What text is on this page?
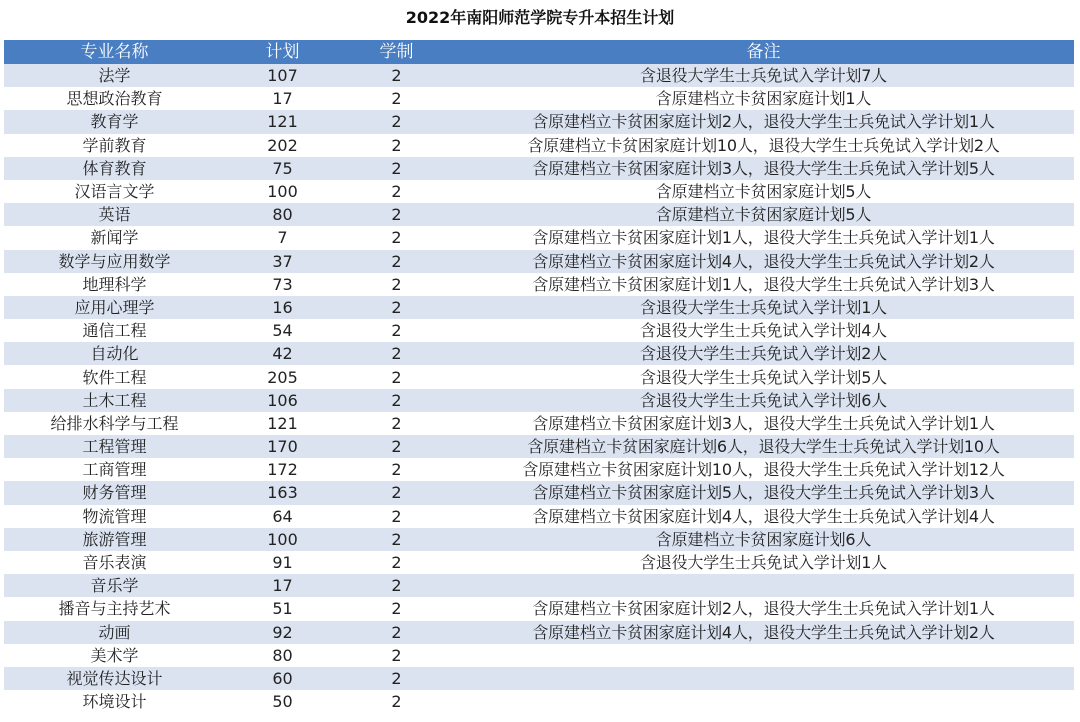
2022年南阳师范学院专升本招生计划
专业名称	计划	学制	备注
法学	107	2	含退役大学生士兵免试入学计划7人
思想政治教育	17	2	含原建档立卡贫困家庭计划1人
教育学	121	2	含原建档立卡贫困家庭计划2人，退役大学生士兵免试入学计划1人
学前教育	202	2	含原建档立卡贫困家庭计划10人，退役大学生士兵免试入学计划2人
体育教育	75	2	含原建档立卡贫困家庭计划3人，退役大学生士兵免试入学计划5人
汉语言文学	100	2	含原建档立卡贫困家庭计划5人
英语	80	2	含原建档立卡贫困家庭计划5人
新闻学	7	2	含原建档立卡贫困家庭计划1人，退役大学生士兵免试入学计划1人
数学与应用数学	37	2	含原建档立卡贫困家庭计划4人，退役大学生士兵免试入学计划2人
地理科学	73	2	含原建档立卡贫困家庭计划1人，退役大学生士兵免试入学计划3人
应用心理学	16	2	含退役大学生士兵免试入学计划1人
通信工程	54	2	含退役大学生士兵免试入学计划4人
自动化	42	2	含退役大学生士兵免试入学计划2人
软件工程	205	2	含退役大学生士兵免试入学计划5人
土木工程	106	2	含退役大学生士兵免试入学计划6人
给排水科学与工程	121	2	含原建档立卡贫困家庭计划3人，退役大学生士兵免试入学计划1人
工程管理	170	2	含原建档立卡贫困家庭计划6人，退役大学生士兵免试入学计划10人
工商管理	172	2	含原建档立卡贫困家庭计划10人，退役大学生士兵免试入学计划12人
财务管理	163	2	含原建档立卡贫困家庭计划5人，退役大学生士兵免试入学计划3人
物流管理	64	2	含原建档立卡贫困家庭计划4人，退役大学生士兵免试入学计划4人
旅游管理	100	2	含原建档立卡贫困家庭计划6人
音乐表演	91	2	含退役大学生士兵免试入学计划1人
音乐学	17	2	
播音与主持艺术	51	2	含原建档立卡贫困家庭计划2人，退役大学生士兵免试入学计划1人
动画	92	2	含原建档立卡贫困家庭计划4人，退役大学生士兵免试入学计划2人
美术学	80	2	
视觉传达设计	60	2	
环境设计	50	2	
